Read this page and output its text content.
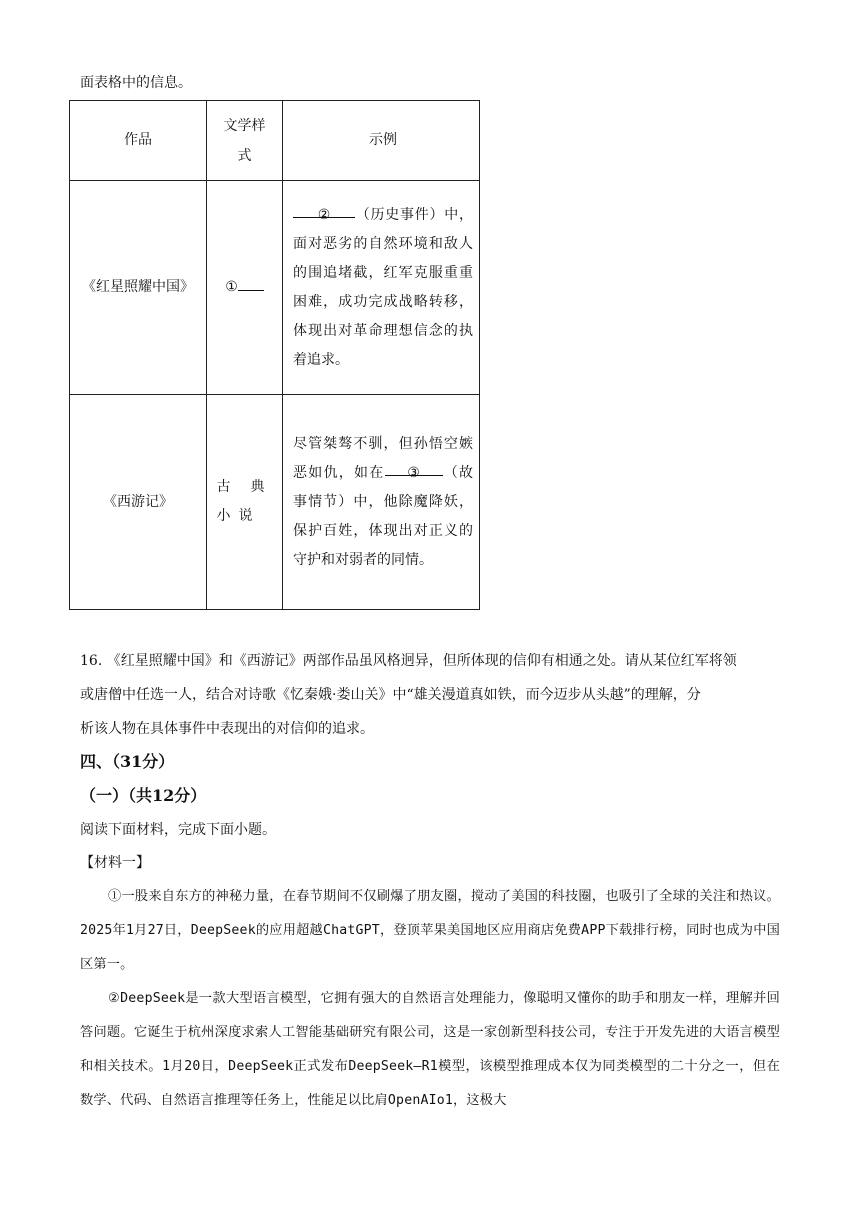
面表格中的信息。
作品	文学样式	示例
《红星照耀中国》	①	② （历史事件）中，面对恶劣的自然环境和敌人的围追堵截，红军克服重重困难，成功完成战略转移，体现出对革命理想信念的执着追求。
《西游记》	古典小说	尽管桀骜不驯，但孙悟空嫉恶如仇，如在 ③ （故事情节）中，他除魔降妖，保护百姓，体现出对正义的守护和对弱者的同情。
16. 《红星照耀中国》和《西游记》两部作品虽风格迥异，但所体现的信仰有相通之处。请从某位红军将领
或唐僧中任选一人，结合对诗歌《忆秦娥·娄山关》中“雄关漫道真如铁，而今迈步从头越”的理解，分
析该人物在具体事件中表现出的对信仰的追求。
四、（31分）
（一）（共12分）
阅读下面材料，完成下面小题。
【材料一】
①一股来自东方的神秘力量，在春节期间不仅刷爆了朋友圈，搅动了美国的科技圈，也吸引了全球的关注和热议。2025年1月27日，DeepSeek的应用超越ChatGPT，登顶苹果美国地区应用商店免费APP下载排行榜，同时也成为中国区第一。
②DeepSeek是一款大型语言模型，它拥有强大的自然语言处理能力，像聪明又懂你的助手和朋友一样，理解并回答问题。它诞生于杭州深度求索人工智能基础研究有限公司，这是一家创新型科技公司，专注于开发先进的大语言模型和相关技术。1月20日，DeepSeek正式发布DeepSeek—R1模型，该模型推理成本仅为同类模型的二十分之一，但在数学、代码、自然语言推理等任务上，性能足以比肩OpenAIo1，这极大
